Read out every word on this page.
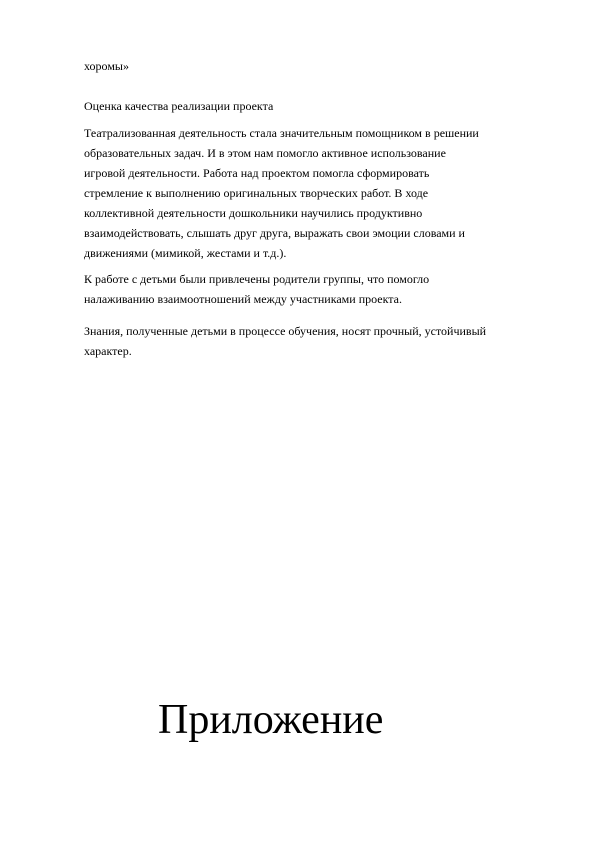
хоромы»

Оценка качества реализации проекта

Театрализованная деятельность стала значительным помощником в решении
образовательных задач. И в этом нам помогло активное использование
игровой деятельности. Работа над проектом помогла сформировать
стремление к выполнению оригинальных творческих работ. В ходе
коллективной деятельности дошкольники научились продуктивно
взаимодействовать, слышать друг друга, выражать свои эмоции словами и
движениями (мимикой, жестами и т.д.).

К работе с детьми были привлечены родители группы, что помогло
налаживанию взаимоотношений между участниками проекта.

Знания, полученные детьми в процессе обучения, носят прочный, устойчивый
характер.

Приложение
